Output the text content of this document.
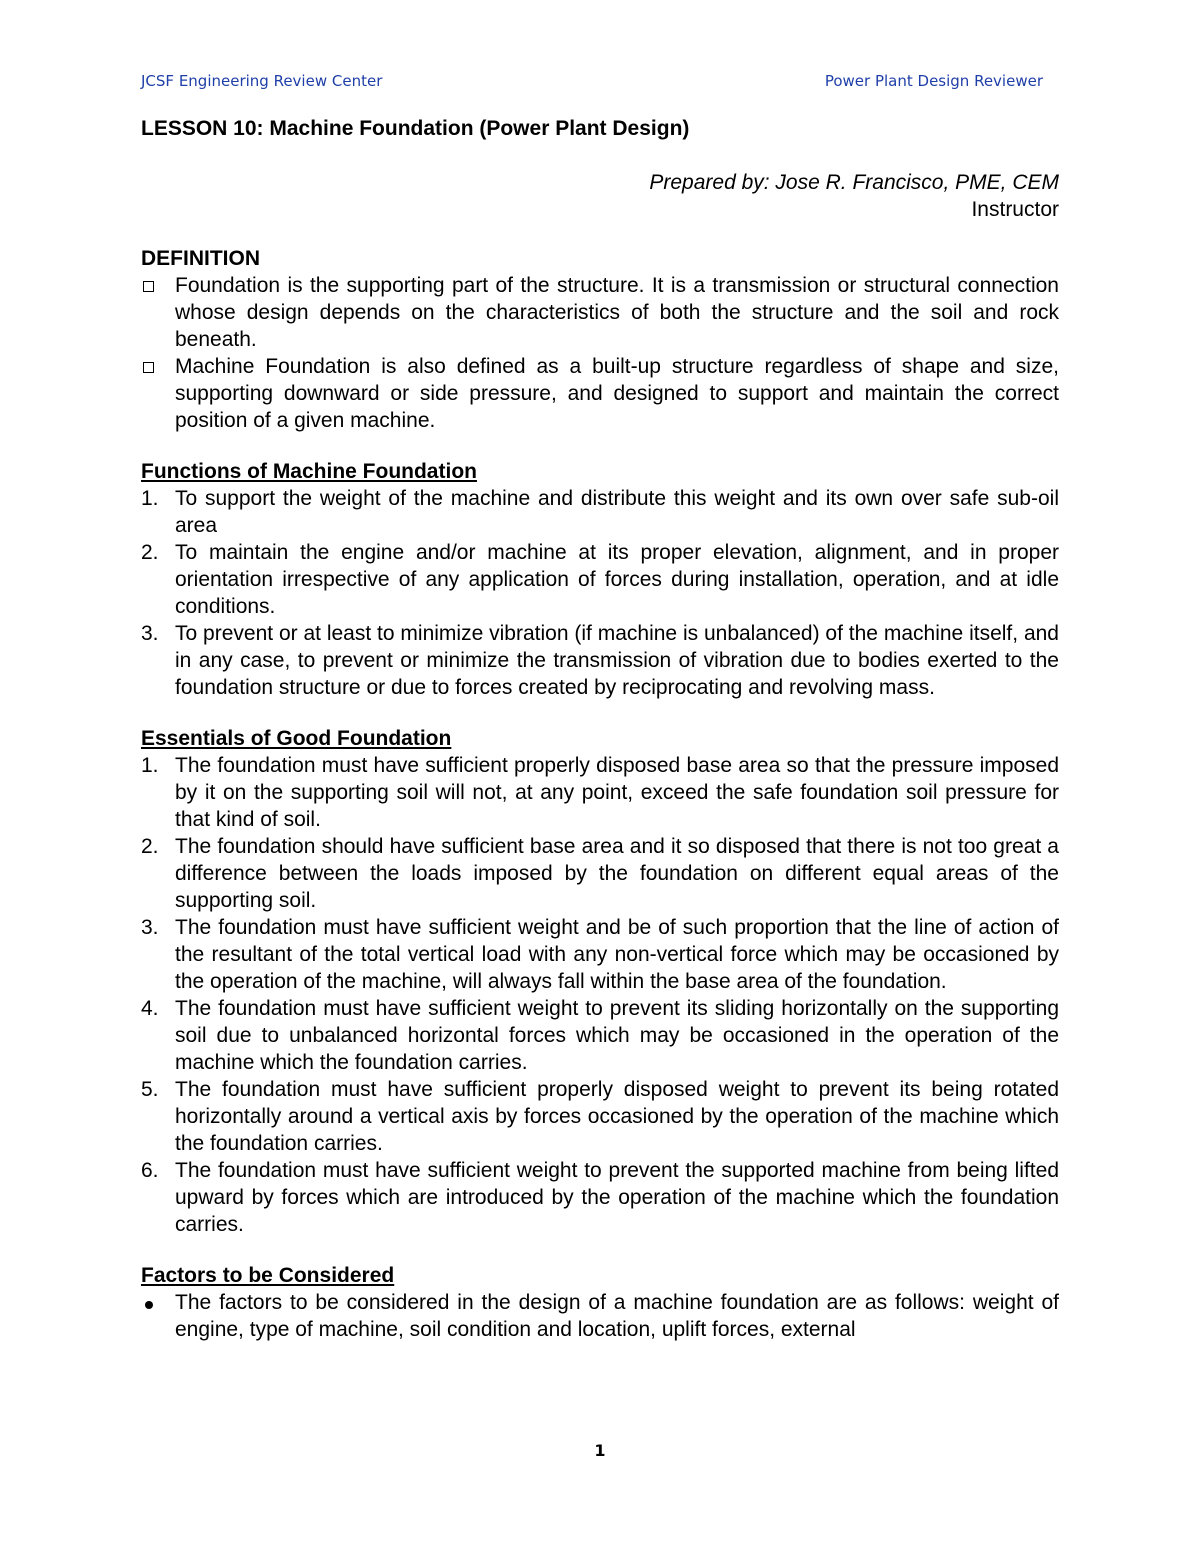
JCSF Engineering Review Center	Power Plant Design Reviewer
LESSON 10: Machine Foundation (Power Plant Design)
Prepared by: Jose R. Francisco, PME, CEM
Instructor
DEFINITION
Foundation is the supporting part of the structure. It is a transmission or structural connection whose design depends on the characteristics of both the structure and the soil and rock beneath.
Machine Foundation is also defined as a built-up structure regardless of shape and size, supporting downward or side pressure, and designed to support and maintain the correct position of a given machine.
Functions of Machine Foundation
1. To support the weight of the machine and distribute this weight and its own over safe sub-oil area
2. To maintain the engine and/or machine at its proper elevation, alignment, and in proper orientation irrespective of any application of forces during installation, operation, and at idle conditions.
3. To prevent or at least to minimize vibration (if machine is unbalanced) of the machine itself, and in any case, to prevent or minimize the transmission of vibration due to bodies exerted to the foundation structure or due to forces created by reciprocating and revolving mass.
Essentials of Good Foundation
1. The foundation must have sufficient properly disposed base area so that the pressure imposed by it on the supporting soil will not, at any point, exceed the safe foundation soil pressure for that kind of soil.
2. The foundation should have sufficient base area and it so disposed that there is not too great a difference between the loads imposed by the foundation on different equal areas of the supporting soil.
3. The foundation must have sufficient weight and be of such proportion that the line of action of the resultant of the total vertical load with any non-vertical force which may be occasioned by the operation of the machine, will always fall within the base area of the foundation.
4. The foundation must have sufficient weight to prevent its sliding horizontally on the supporting soil due to unbalanced horizontal forces which may be occasioned in the operation of the machine which the foundation carries.
5. The foundation must have sufficient properly disposed weight to prevent its being rotated horizontally around a vertical axis by forces occasioned by the operation of the machine which the foundation carries.
6. The foundation must have sufficient weight to prevent the supported machine from being lifted upward by forces which are introduced by the operation of the machine which the foundation carries.
Factors to be Considered
The factors to be considered in the design of a machine foundation are as follows: weight of engine, type of machine, soil condition and location, uplift forces, external
1
